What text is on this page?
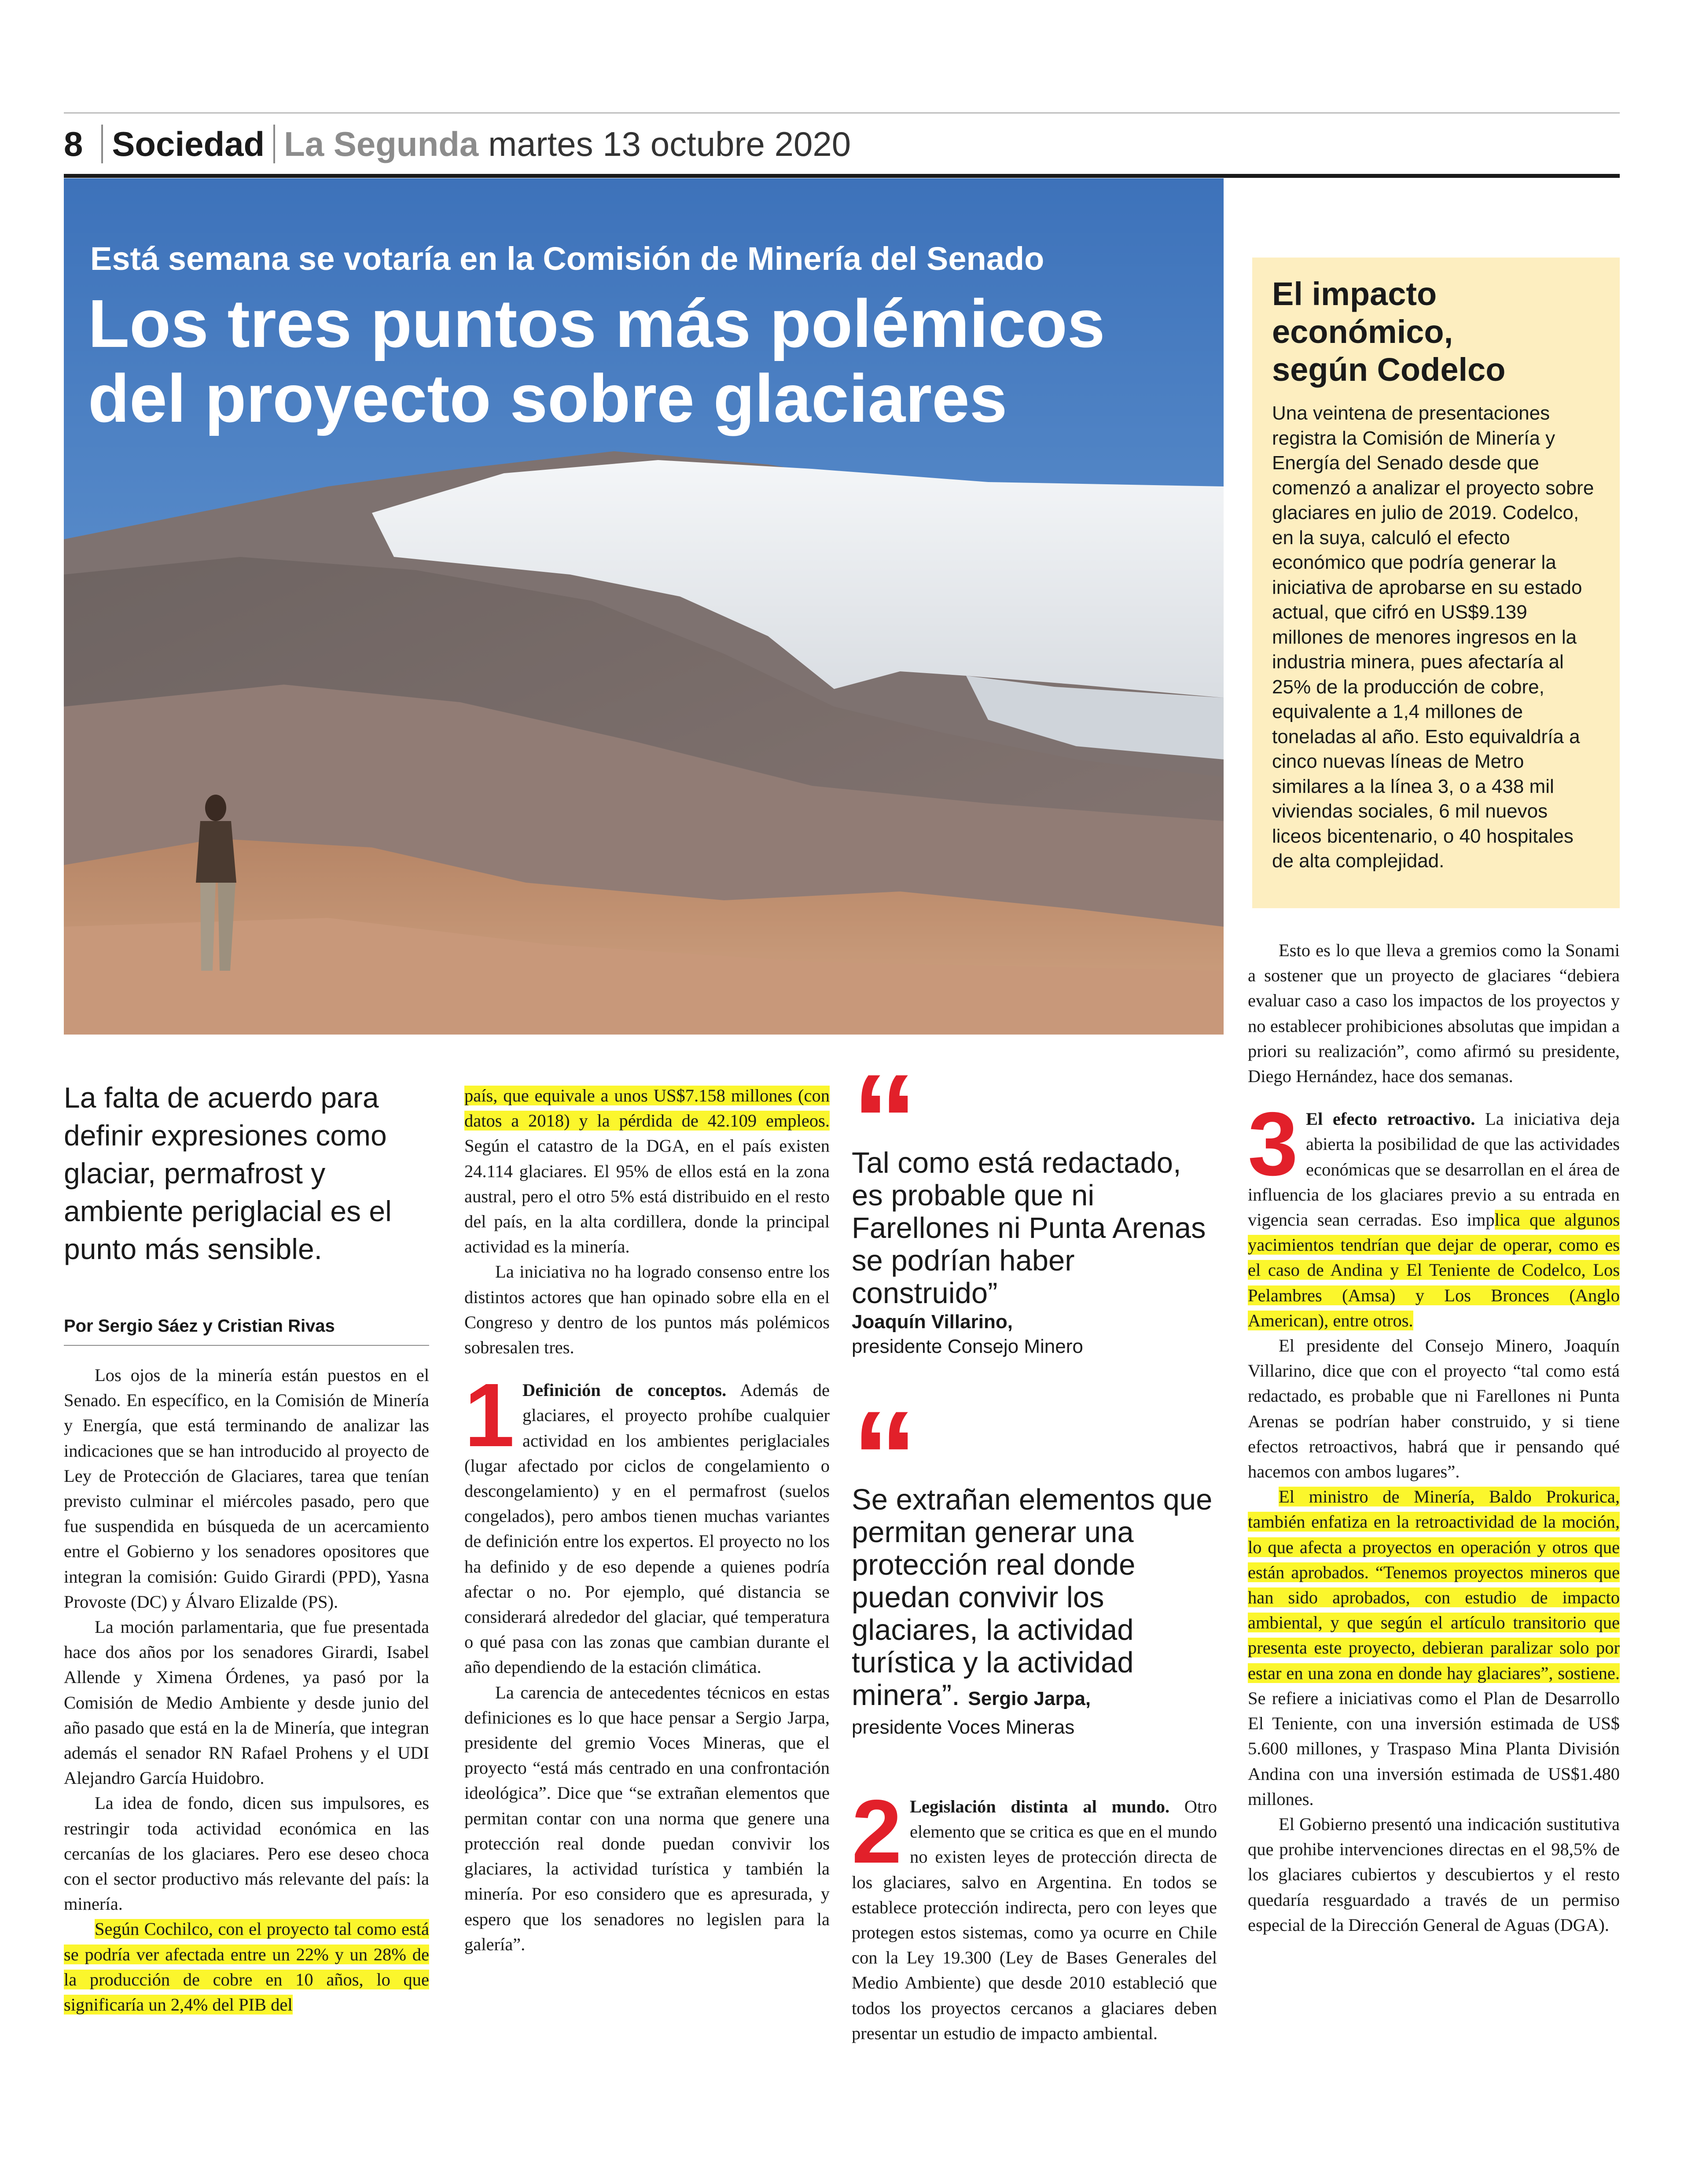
8 Sociedad La Segunda martes 13 octubre 2020
Está semana se votaría en la Comisión de Minería del Senado
Los tres puntos más polémicos
del proyecto sobre glaciares
El impacto
económico,
según Codelco

Una veintena de presentaciones registra la Comisión de Minería y Energía del Senado desde que comenzó a analizar el proyecto sobre glaciares en julio de 2019. Codelco, en la suya, calculó el efecto económico que podría generar la iniciativa de aprobarse en su estado actual, que cifró en US$9.139 millones de menores ingresos en la industria minera, pues afectaría al 25% de la producción de cobre, equivalente a 1,4 millones de toneladas al año. Esto equivaldría a cinco nuevas líneas de Metro similares a la línea 3, o a 438 mil viviendas sociales, 6 mil nuevos liceos bicentenario, o 40 hospitales de alta complejidad.

La falta de acuerdo para definir expresiones como glaciar, permafrost y ambiente periglacial es el punto más sensible.
Por Sergio Sáez y Cristian Rivas

Los ojos de la minería están puestos en el Senado. En específico, en la Comisión de Minería y Energía, que está terminando de analizar las indicaciones que se han introducido al proyecto de Ley de Protección de Glaciares, tarea que tenían previsto culminar el miércoles pasado, pero que fue suspendida en búsqueda de un acercamiento entre el Gobierno y los senadores opositores que integran la comisión: Guido Girardi (PPD), Yasna Provoste (DC) y Álvaro Elizalde (PS).

La moción parlamentaria, que fue presentada hace dos años por los senadores Girardi, Isabel Allende y Ximena Órdenes, ya pasó por la Comisión de Medio Ambiente y desde junio del año pasado que está en la de Minería, que integran además el senador RN Rafael Prohens y el UDI Alejandro García Huidobro.

La idea de fondo, dicen sus impulsores, es restringir toda actividad económica en las cercanías de los glaciares. Pero ese deseo choca con el sector productivo más relevante del país: la minería.

Según Cochilco, con el proyecto tal como está se podría ver afectada entre un 22% y un 28% de la producción de cobre en 10 años, lo que significaría un 2,4% del PIB del

país, que equivale a unos US$7.158 millones (con datos a 2018) y la pérdida de 42.109 empleos. Según el catastro de la DGA, en el país existen 24.114 glaciares. El 95% de ellos está en la zona austral, pero el otro 5% está distribuido en el resto del país, en la alta cordillera, donde la principal actividad es la minería.

La iniciativa no ha logrado consenso entre los distintos actores que han opinado sobre ella en el Congreso y dentro de los puntos más polémicos sobresalen tres.

1 Definición de conceptos. Además de glaciares, el proyecto prohíbe cualquier actividad en los ambientes periglaciales (lugar afectado por ciclos de congelamiento o descongelamiento) y en el permafrost (suelos congelados), pero ambos tienen muchas variantes de definición entre los expertos. El proyecto no los ha definido y de eso depende a quienes podría afectar o no. Por ejemplo, qué distancia se considerará alrededor del glaciar, qué temperatura o qué pasa con las zonas que cambian durante el año dependiendo de la estación climática.

La carencia de antecedentes técnicos en estas definiciones es lo que hace pensar a Sergio Jarpa, presidente del gremio Voces Mineras, que el proyecto “está más centrado en una confrontación ideológica”. Dice que “se extrañan elementos que permitan contar con una norma que genere una protección real donde puedan convivir los glaciares, la actividad turística y también la minería. Por eso considero que es apresurada, y espero que los senadores no legislen para la galería”.

“
Tal como está redactado, es probable que ni Farellones ni Punta Arenas se podrían haber construido”
Joaquín Villarino,
presidente Consejo Minero
“
Se extrañan elementos que permitan generar una protección real donde puedan convivir los glaciares, la actividad turística y la actividad minera”. Sergio Jarpa,
presidente Voces Mineras

2 Legislación distinta al mundo. Otro elemento que se critica es que en el mundo no existen leyes de protección directa de los glaciares, salvo en Argentina. En todos se establece protección indirecta, pero con leyes que protegen estos sistemas, como ya ocurre en Chile con la Ley 19.300 (Ley de Bases Generales del Medio Ambiente) que desde 2010 estableció que todos los proyectos cercanos a glaciares deben presentar un estudio de impacto ambiental.

Esto es lo que lleva a gremios como la Sonami a sostener que un proyecto de glaciares “debiera evaluar caso a caso los impactos de los proyectos y no establecer prohibiciones absolutas que impidan a priori su realización”, como afirmó su presidente, Diego Hernández, hace dos semanas.

3 El efecto retroactivo. La iniciativa deja abierta la posibilidad de que las actividades económicas que se desarrollan en el área de influencia de los glaciares previo a su entrada en vigencia sean cerradas. Eso implica que algunos yacimientos tendrían que dejar de operar, como es el caso de Andina y El Teniente de Codelco, Los Pelambres (Amsa) y Los Bronces (Anglo American), entre otros.

El presidente del Consejo Minero, Joaquín Villarino, dice que con el proyecto “tal como está redactado, es probable que ni Farellones ni Punta Arenas se podrían haber construido, y si tiene efectos retroactivos, habrá que ir pensando qué hacemos con ambos lugares”.

El ministro de Minería, Baldo Prokurica, también enfatiza en la retroactividad de la moción, lo que afecta a proyectos en operación y otros que están aprobados. “Tenemos proyectos mineros que han sido aprobados, con estudio de impacto ambiental, y que según el artículo transitorio que presenta este proyecto, debieran paralizar solo por estar en una zona en donde hay glaciares”, sostiene. Se refiere a iniciativas como el Plan de Desarrollo El Teniente, con una inversión estimada de US$ 5.600 millones, y Traspaso Mina Planta División Andina con una inversión estimada de US$1.480 millones.

El Gobierno presentó una indicación sustitutiva que prohibe intervenciones directas en el 98,5% de los glaciares cubiertos y descubiertos y el resto quedaría resguardado a través de un permiso especial de la Dirección General de Aguas (DGA).
